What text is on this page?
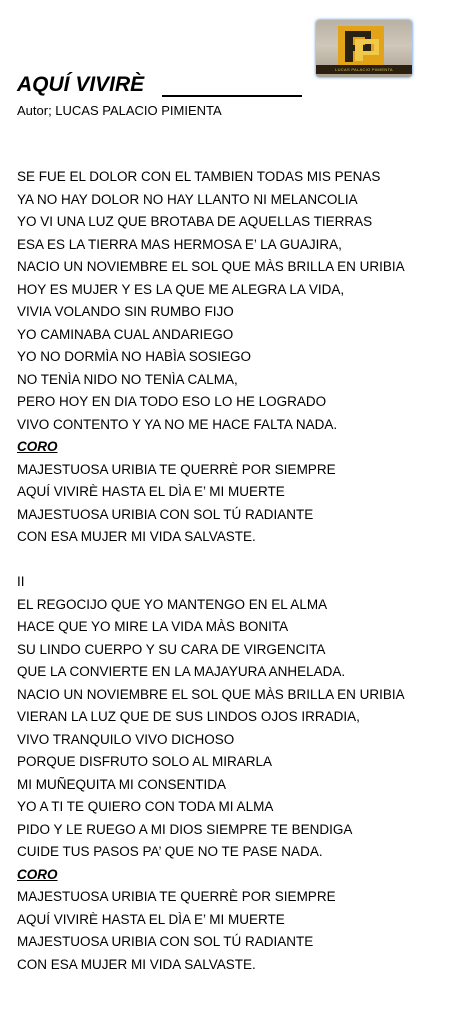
LUCAS PALACIO PIMIENTA
AQUÍ VIVIRÈ
Autor; LUCAS PALACIO PIMIENTA
SE FUE EL DOLOR CON EL TAMBIEN TODAS MIS PENAS
YA NO HAY DOLOR NO HAY LLANTO NI MELANCOLIA
YO VI UNA LUZ QUE BROTABA DE AQUELLAS TIERRAS
ESA ES LA TIERRA MAS HERMOSA E’ LA GUAJIRA,
NACIO UN NOVIEMBRE EL SOL QUE MÀS BRILLA EN URIBIA
HOY ES MUJER Y ES LA QUE ME ALEGRA LA VIDA,
VIVIA VOLANDO SIN RUMBO FIJO
YO CAMINABA CUAL ANDARIEGO
YO NO DORMÌA NO HABÌA SOSIEGO
NO TENÌA NIDO NO TENÌA CALMA,
PERO HOY EN DIA TODO ESO LO HE LOGRADO
VIVO CONTENTO Y YA NO ME HACE FALTA NADA.
CORO
MAJESTUOSA URIBIA TE QUERRÈ POR SIEMPRE
AQUÍ VIVIRÈ HASTA EL DÌA E’ MI MUERTE
MAJESTUOSA URIBIA CON SOL TÚ RADIANTE
CON ESA MUJER MI VIDA SALVASTE.
II
EL REGOCIJO QUE YO MANTENGO EN EL ALMA
HACE QUE YO MIRE LA VIDA MÀS BONITA
SU LINDO CUERPO Y SU CARA DE VIRGENCITA
QUE LA CONVIERTE EN LA MAJAYURA ANHELADA.
NACIO UN NOVIEMBRE EL SOL QUE MÀS BRILLA EN URIBIA
VIERAN LA LUZ QUE DE SUS LINDOS OJOS IRRADIA,
VIVO TRANQUILO VIVO DICHOSO
PORQUE DISFRUTO SOLO AL MIRARLA
MI MUÑEQUITA MI CONSENTIDA
YO A TI TE QUIERO CON TODA MI ALMA
PIDO Y LE RUEGO A MI DIOS SIEMPRE TE BENDIGA
CUIDE TUS PASOS PA’ QUE NO TE PASE NADA.
CORO
MAJESTUOSA URIBIA TE QUERRÈ POR SIEMPRE
AQUÍ VIVIRÈ HASTA EL DÌA E’ MI MUERTE
MAJESTUOSA URIBIA CON SOL TÚ RADIANTE
CON ESA MUJER MI VIDA SALVASTE.
